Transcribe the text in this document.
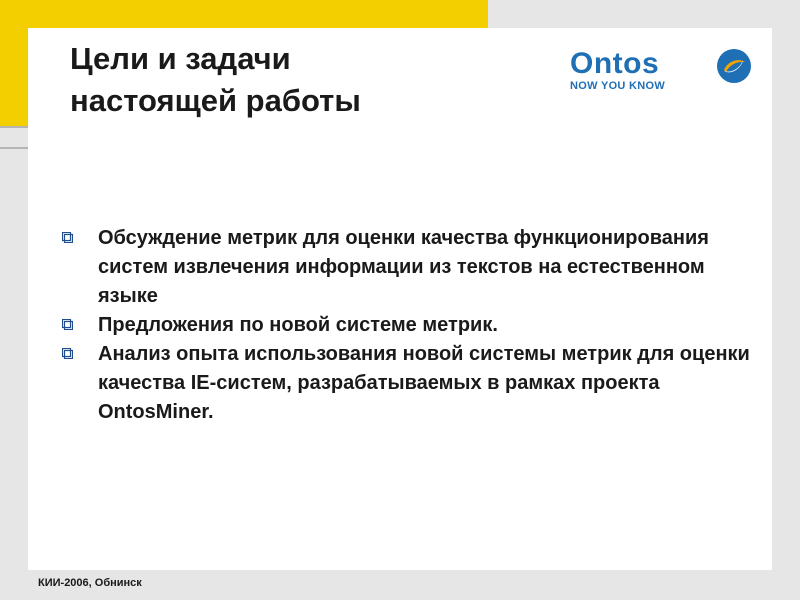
Цели и задачи
настоящей работы
Ontos
NOW YOU KNOW
Обсуждение метрик для оценки качества функционирования систем извлечения информации из текстов на естественном языке
Предложения по новой системе метрик.
Анализ опыта использования новой системы метрик для оценки качества IE-систем, разрабатываемых в рамках проекта OntosMiner.
КИИ-2006, Обнинск
